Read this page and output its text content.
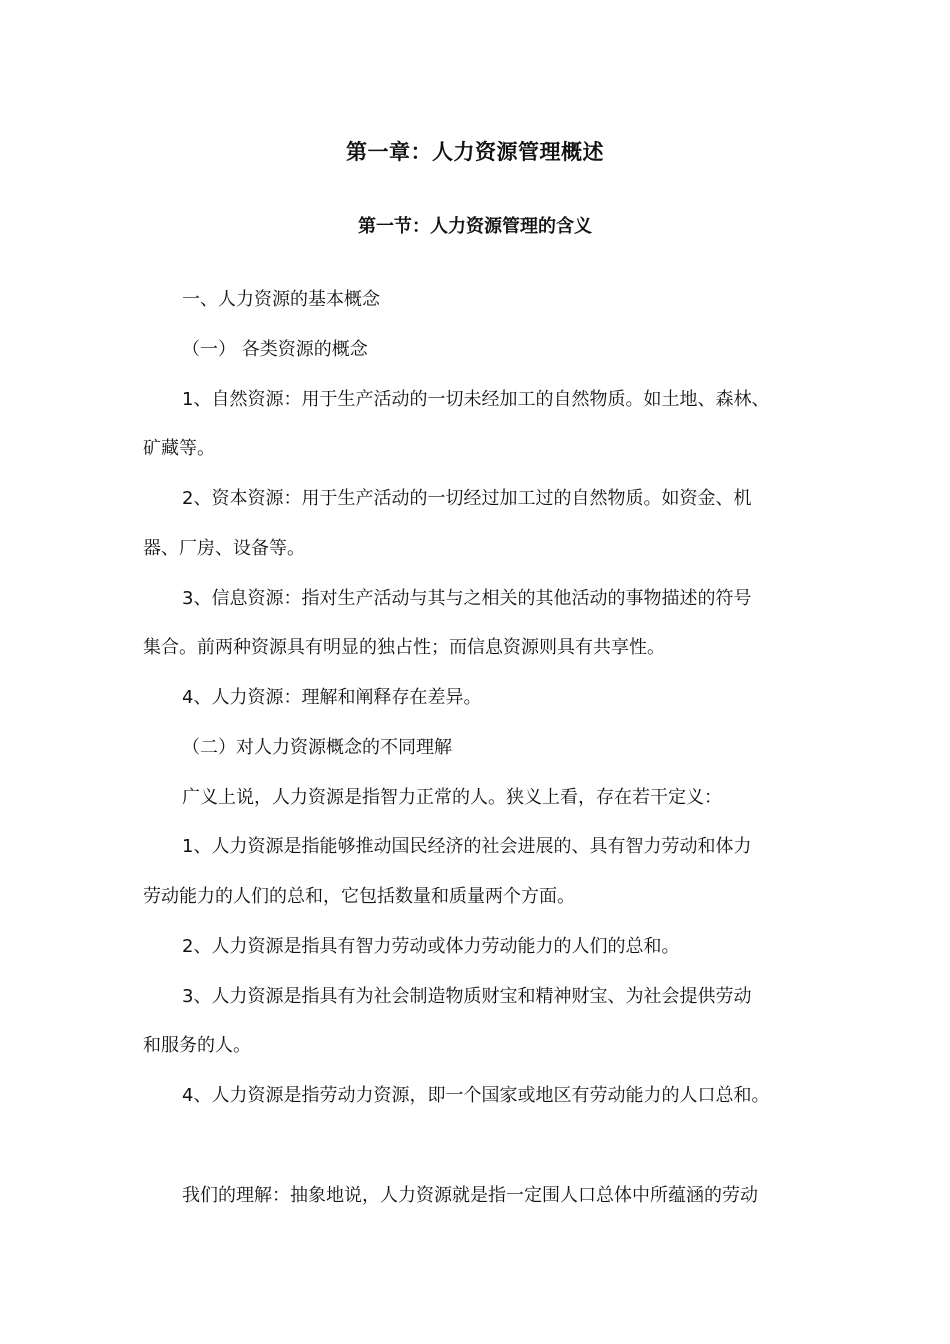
第一章：人力资源管理概述
第一节：人力资源管理的含义
一、人力资源的基本概念
（一） 各类资源的概念
1、自然资源：用于生产活动的一切未经加工的自然物质。如土地、森林、
矿藏等。
2、资本资源：用于生产活动的一切经过加工过的自然物质。如资金、机
器、厂房、设备等。
3、信息资源：指对生产活动与其与之相关的其他活动的事物描述的符号
集合。前两种资源具有明显的独占性；而信息资源则具有共享性。
4、人力资源：理解和阐释存在差异。
（二）对人力资源概念的不同理解
广义上说，人力资源是指智力正常的人。狭义上看，存在若干定义：
1、人力资源是指能够推动国民经济的社会进展的、具有智力劳动和体力
劳动能力的人们的总和，它包括数量和质量两个方面。
2、人力资源是指具有智力劳动或体力劳动能力的人们的总和。
3、人力资源是指具有为社会制造物质财宝和精神财宝、为社会提供劳动
和服务的人。
4、人力资源是指劳动力资源，即一个国家或地区有劳动能力的人口总和。
我们的理解：抽象地说，人力资源就是指一定围人口总体中所蕴涵的劳动
